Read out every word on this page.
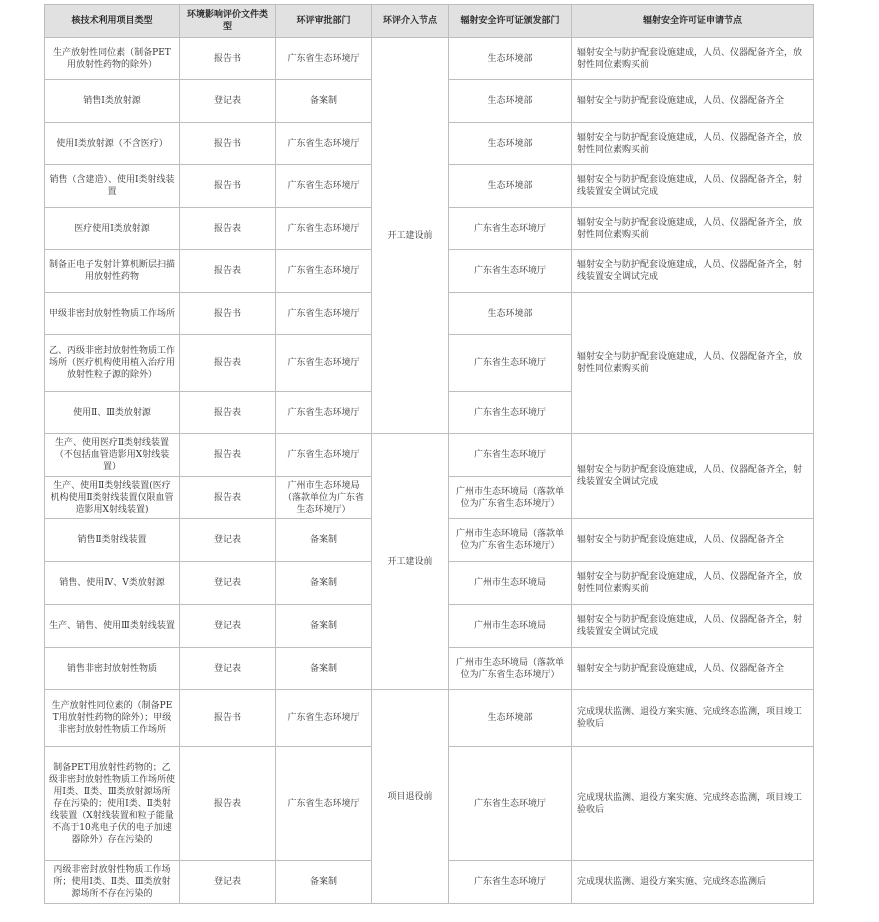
核技术利用项目类型	环境影响评价文件类型	环评审批部门	环评介入节点	辐射安全许可证颁发部门	辐射安全许可证申请节点
生产放射性同位素（制备PET用放射性药物的除外）	报告书	广东省生态环境厅	开工建设前	生态环境部	辐射安全与防护配套设施建成，人员、仪器配备齐全，放射性同位素购买前
销售Ⅰ类放射源	登记表	备案制		生态环境部	辐射安全与防护配套设施建成，人员、仪器配备齐全
使用Ⅰ类放射源（不含医疗）	报告书	广东省生态环境厅		生态环境部	辐射安全与防护配套设施建成，人员、仪器配备齐全，放射性同位素购买前
销售（含建造）、使用Ⅰ类射线装置	报告书	广东省生态环境厅		生态环境部	辐射安全与防护配套设施建成，人员、仪器配备齐全，射线装置安全调试完成
医疗使用Ⅰ类放射源	报告表	广东省生态环境厅		广东省生态环境厅	辐射安全与防护配套设施建成，人员、仪器配备齐全，放射性同位素购买前
制备正电子发射计算机断层扫描用放射性药物	报告表	广东省生态环境厅		广东省生态环境厅	辐射安全与防护配套设施建成，人员、仪器配备齐全，射线装置安全调试完成
甲级非密封放射性物质工作场所	报告书	广东省生态环境厅		生态环境部	辐射安全与防护配套设施建成，人员、仪器配备齐全，放射性同位素购买前
乙、丙级非密封放射性物质工作场所（医疗机构使用植入治疗用放射性粒子源的除外）	报告表	广东省生态环境厅		广东省生态环境厅	
使用Ⅱ、Ⅲ类放射源	报告表	广东省生态环境厅		广东省生态环境厅	
生产、使用医疗Ⅱ类射线装置（不包括血管造影用X射线装置）	报告表	广东省生态环境厅	开工建设前	广东省生态环境厅	辐射安全与防护配套设施建成，人员、仪器配备齐全，射线装置安全调试完成
生产、使用Ⅱ类射线装置(医疗机构使用Ⅱ类射线装置仅限血管造影用X射线装置)	报告表	广州市生态环境局（落款单位为广东省生态环境厅）		广州市生态环境局（落款单位为广东省生态环境厅）	
销售Ⅱ类射线装置	登记表	备案制		广州市生态环境局（落款单位为广东省生态环境厅）	辐射安全与防护配套设施建成，人员、仪器配备齐全
销售、使用Ⅳ、Ⅴ类放射源	登记表	备案制		广州市生态环境局	辐射安全与防护配套设施建成，人员、仪器配备齐全，放射性同位素购买前
生产、销售、使用Ⅲ类射线装置	登记表	备案制		广州市生态环境局	辐射安全与防护配套设施建成，人员、仪器配备齐全，射线装置安全调试完成
销售非密封放射性物质	登记表	备案制		广州市生态环境局（落款单位为广东省生态环境厅）	辐射安全与防护配套设施建成，人员、仪器配备齐全
生产放射性同位素的（制备PET用放射性药物的除外）；甲级非密封放射性物质工作场所	报告书	广东省生态环境厅	项目退役前	生态环境部	完成现状监测、退役方案实施、完成终态监测，项目竣工验收后
制备PET用放射性药物的；乙级非密封放射性物质工作场所使用Ⅰ类、Ⅱ类、Ⅲ类放射源场所存在污染的；使用Ⅰ类、Ⅱ类射线装置（X射线装置和粒子能量不高于10兆电子伏的电子加速器除外）存在污染的	报告表	广东省生态环境厅		广东省生态环境厅	完成现状监测、退役方案实施、完成终态监测，项目竣工验收后
丙级非密封放射性物质工作场所；使用Ⅰ类、Ⅱ类、Ⅲ类放射源场所不存在污染的	登记表	备案制		广东省生态环境厅	完成现状监测、退役方案实施、完成终态监测后
